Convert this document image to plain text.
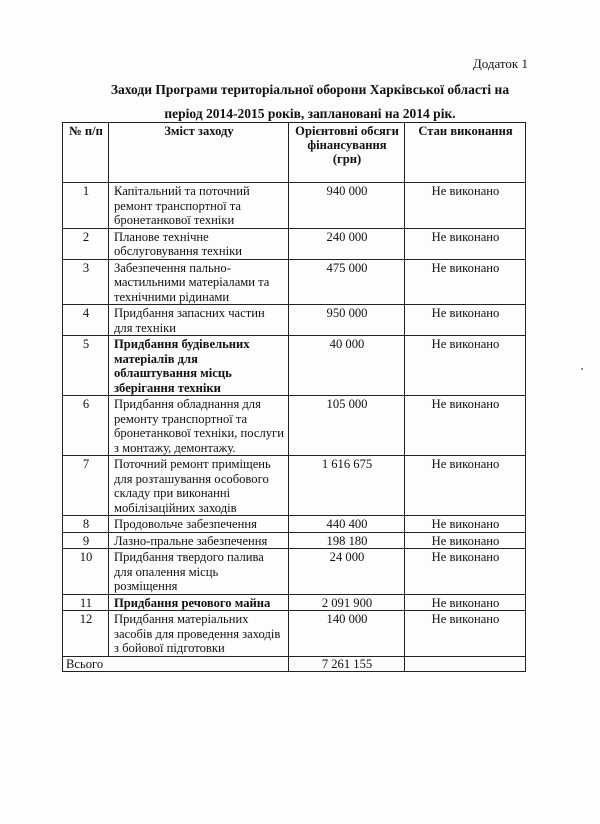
Додаток 1
Заходи Програми територіальної оборони Харківської області на
період 2014-2015 років, заплановані на 2014 рік.
№ п/п	Зміст заходу	Орієнтовні обсяги фінансування (грн)	Стан виконання
1	Капітальний та поточний ремонт транспортної та бронетанкової техніки	940 000	Не виконано
2	Планове технічне обслуговування техніки	240 000	Не виконано
3	Забезпечення пально-мастильними матеріалами та технічними рідинами	475 000	Не виконано
4	Придбання запасних частин для техніки	950 000	Не виконано
5	Придбання будівельних матеріалів для облаштування місць зберігання техніки	40 000	Не виконано
6	Придбання обладнання для ремонту транспортної та бронетанкової техніки, послуги з монтажу, демонтажу.	105 000	Не виконано
7	Поточний ремонт приміщень для розташування особового складу при виконанні мобілізаційних заходів	1 616 675	Не виконано
8	Продовольче забезпечення	440 400	Не виконано
9	Лазно-пральне забезпечення	198 180	Не виконано
10	Придбання твердого палива для опалення місць розміщення	24 000	Не виконано
11	Придбання речового майна	2 091 900	Не виконано
12	Придбання матеріальних засобів для проведення заходів з бойової підготовки	140 000	Не виконано
Всього		7 261 155	
